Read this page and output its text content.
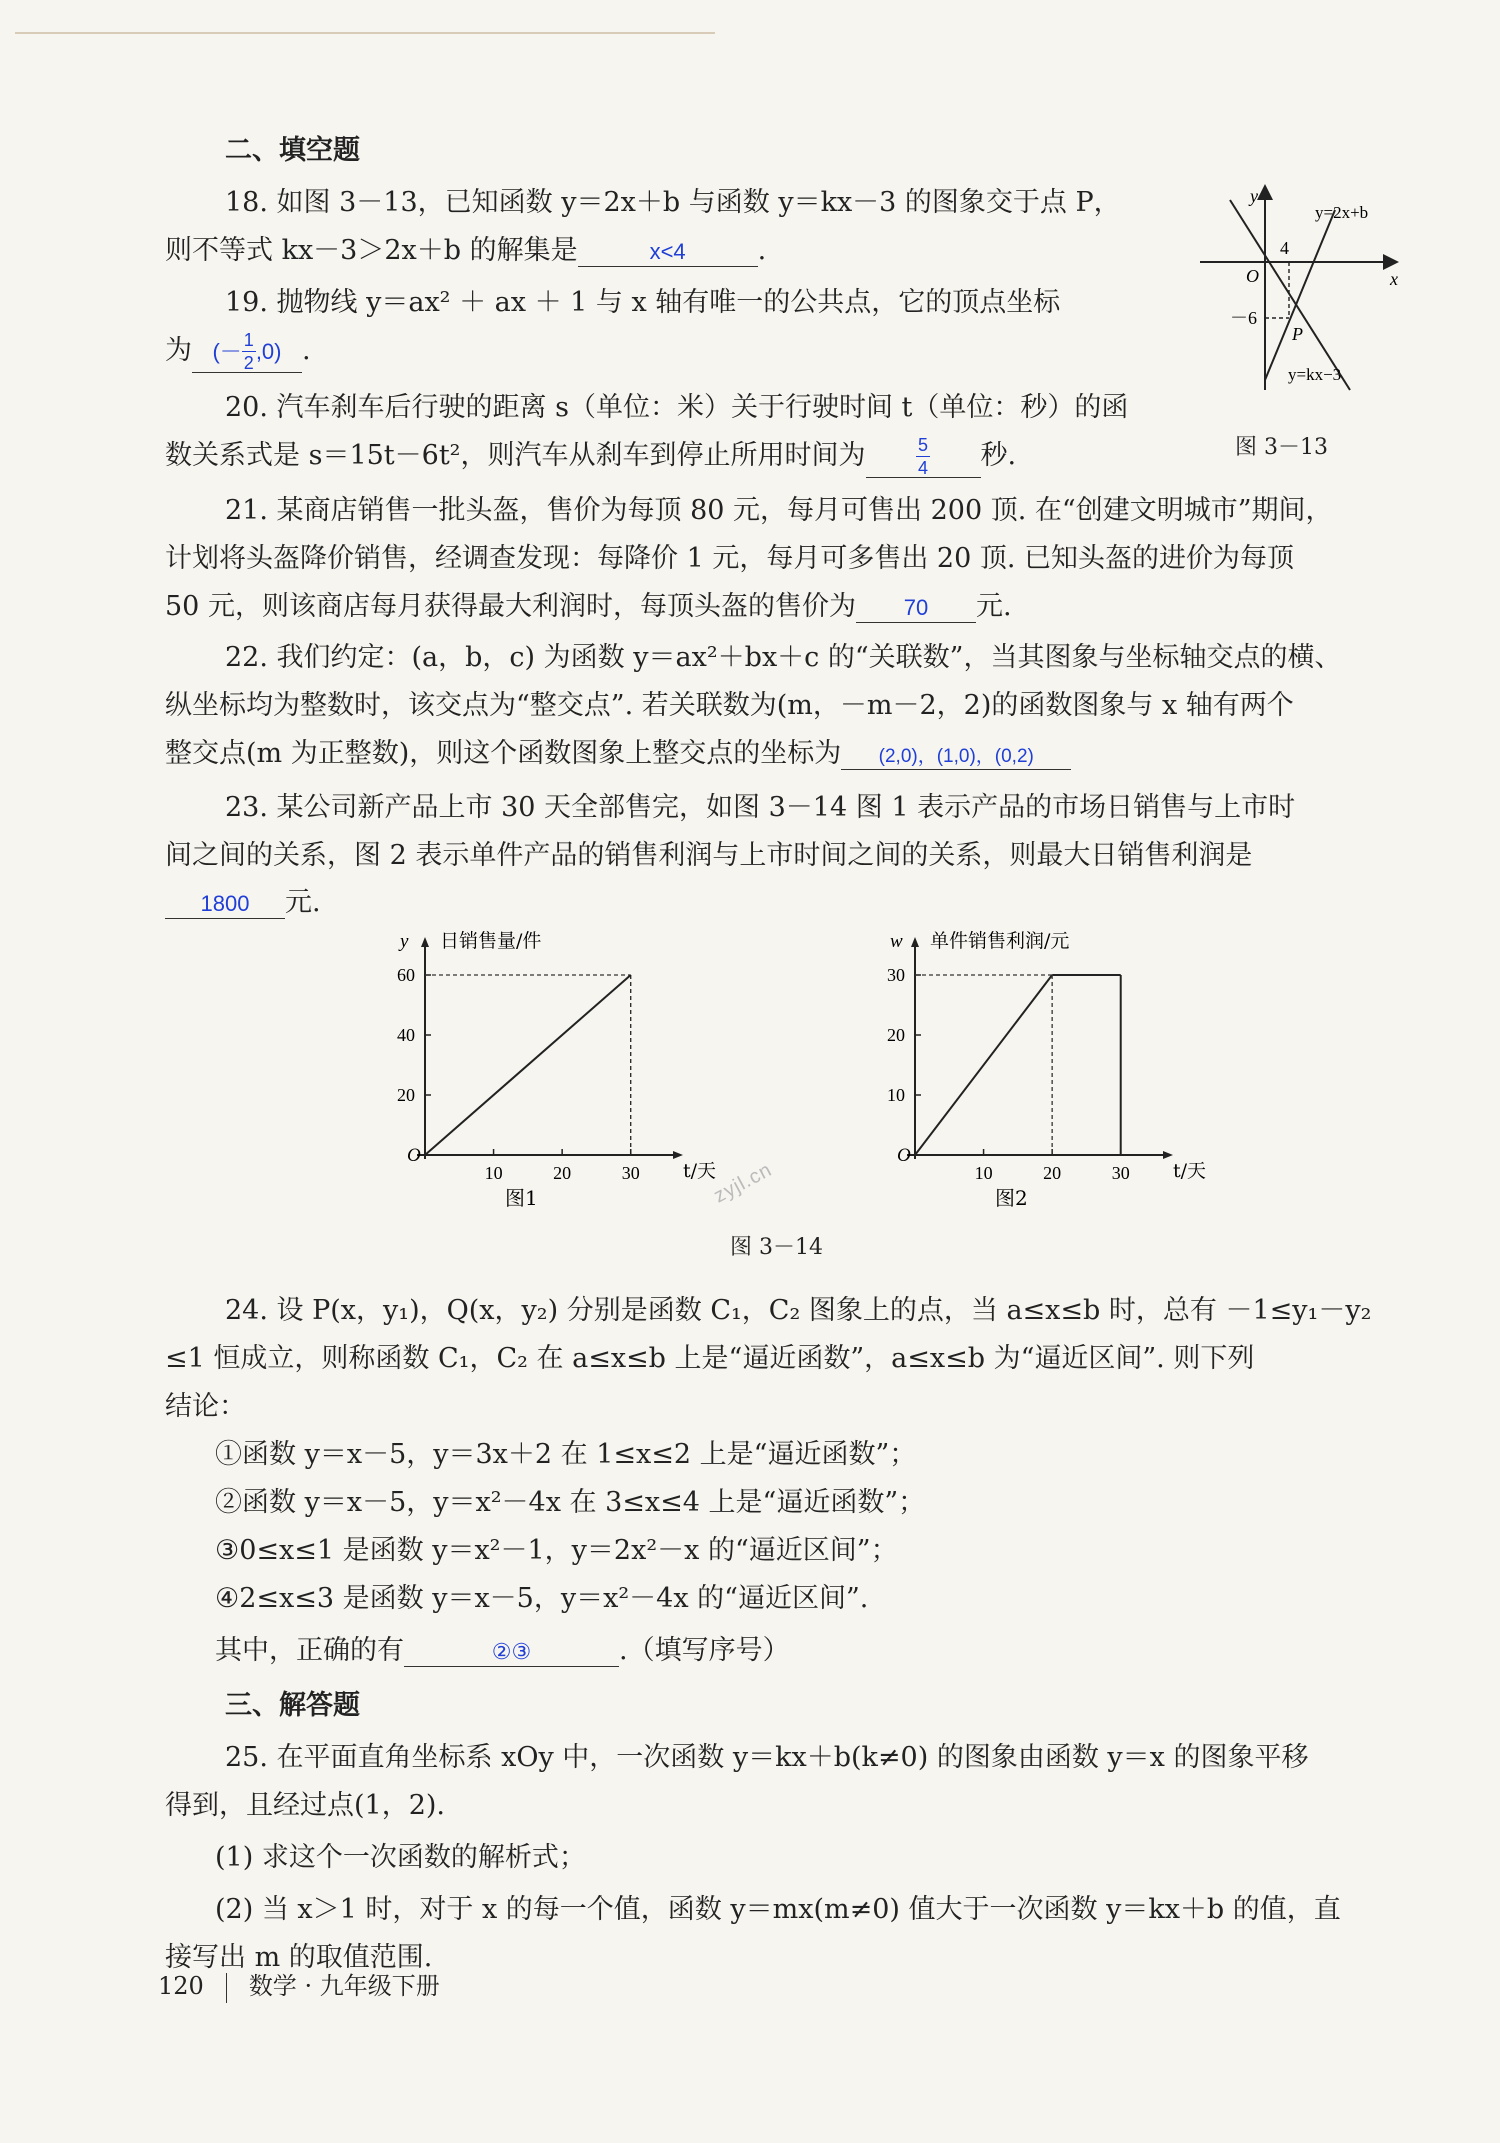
二、填空题
18. 如图 3－13，已知函数 y＝2x＋b 与函数 y＝kx－3 的图象交于点 P，
则不等式 kx－3＞2x＋b 的解集是	x<4	.
19. 抛物线 y＝ax² ＋ ax ＋ 1 与 x 轴有唯一的公共点，它的顶点坐标
为 (－ $\frac{1}{2} ,0$) .
20. 汽车刹车后行驶的距离 s（单位：米）关于行驶时间 t（单位：秒）的函
数关系式是 s＝15t－6t²，则汽车从刹车到停止所用时间为	$\frac{5}{4}$ 秒.
y
x
O
4
－6
P
y=2x+b
y=kx−3
图 3－13
21. 某商店销售一批头盔，售价为每顶 80 元，每月可售出 200 顶. 在“创建文明城市”期间，
计划将头盔降价销售，经调查发现：每降价 1 元，每月可多售出 20 顶. 已知头盔的进价为每顶
50 元，则该商店每月获得最大利润时，每顶头盔的售价为 70 元.
22. 我们约定：(a，b，c) 为函数 y＝ax²＋bx＋c 的“关联数”，当其图象与坐标轴交点的横、
纵坐标均为整数时，该交点为“整交点”. 若关联数为(m，－m－2，2)的函数图象与 x 轴有两个
整交点(m 为正整数)，则这个函数图象上整交点的坐标为 (2,0)，(1,0)，(0,2)
23. 某公司新产品上市 30 天全部售完，如图 3－14 图 1 表示产品的市场日销售与上市时
间之间的关系，图 2 表示单件产品的销售利润与上市时间之间的关系，则最大日销售利润是
1800 元.
y 日销售量/件
t/天
O
图1
10	20	30
20
40
60
w 单件销售利润/元
t/天
O
图2
10	20	30
10
20
30
图 3－14
zyjl.cn
24. 设 P(x，y₁)，Q(x，y₂) 分别是函数 C₁，C₂ 图象上的点，当 a≤x≤b 时，总有 －1≤y₁－y₂
≤1 恒成立，则称函数 C₁，C₂ 在 a≤x≤b 上是“逼近函数”，a≤x≤b 为“逼近区间”. 则下列
结论：
①函数 y＝x－5，y＝3x＋2 在 1≤x≤2 上是“逼近函数”；
②函数 y＝x－5，y＝x²－4x 在 3≤x≤4 上是“逼近函数”；
③0≤x≤1 是函数 y＝x²－1，y＝2x²－x 的“逼近区间”；
④2≤x≤3 是函数 y＝x－5，y＝x²－4x 的“逼近区间”.
其中，正确的有	②③	.（填写序号）
三、解答题
25. 在平面直角坐标系 xOy 中，一次函数 y＝kx＋b(k≠0) 的图象由函数 y＝x 的图象平移
得到，且经过点(1，2).
(1) 求这个一次函数的解析式；
(2) 当 x＞1 时，对于 x 的每一个值，函数 y＝mx(m≠0) 值大于一次函数 y＝kx＋b 的值，直
接写出 m 的取值范围.
120 数学 · 九年级下册
